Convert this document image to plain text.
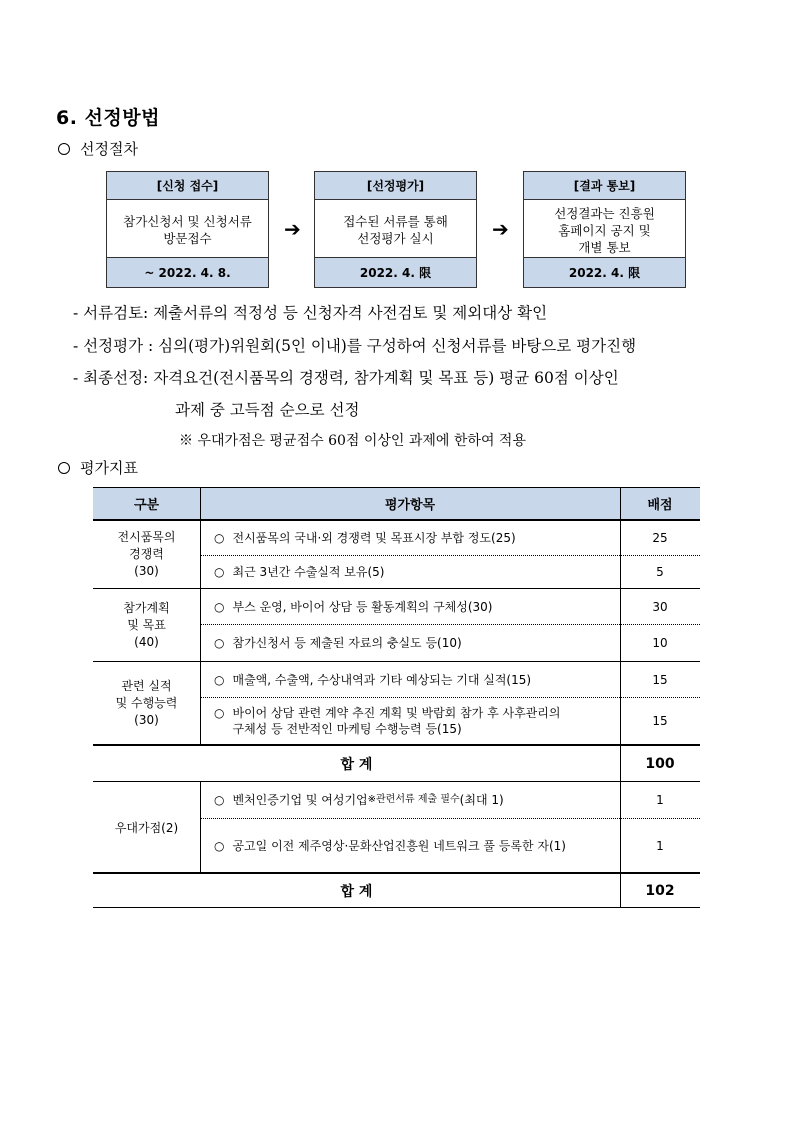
6. 선정방법
선정절차
[신청 접수]
참가신청서 및 신청서류
방문접수
~ 2022. 4. 8.
➔
[선정평가]
접수된 서류를 통해
선정평가 실시
2022. 4. 限
➔
[결과 통보]
선정결과는 진흥원
홈페이지 공지 및
개별 통보
2022. 4. 限
- 서류검토: 제출서류의 적정성 등 신청자격 사전검토 및 제외대상 확인
- 선정평가 : 심의(평가)위원회(5인 이내)를 구성하여 신청서류를 바탕으로 평가진행
- 최종선정: 자격요건(전시품목의 경쟁력, 참가계획 및 목표 등) 평균 60점 이상인
과제 중 고득점 순으로 선정
※ 우대가점은 평균점수 60점 이상인 과제에 한하여 적용
평가지표
구분	평가항목	배점
전시품목의
경쟁력
(30)
○ 전시품목의 국내·외 경쟁력 및 목표시장 부합 정도(25)	25
○ 최근 3년간 수출실적 보유(5)	5
참가계획
및 목표
(40)
○ 부스 운영, 바이어 상담 등 활동계획의 구체성(30)	30
○ 참가신청서 등 제출된 자료의 충실도 등(10)	10
관련 실적
및 수행능력
(30)
○ 매출액, 수출액, 수상내역과 기타 예상되는 기대 실적(15)	15
○ 바이어 상담 관련 계약 추진 계획 및 박람회 참가 후 사후관리의
구체성 등 전반적인 마케팅 수행능력 등(15)
15
합 계	100
우대가점(2)
○ 벤처인증기업 및 여성기업 ※관련서류 제출 필수 (최대 1)	1
○ 공고일 이전 제주영상·문화산업진흥원 네트워크 풀 등록한 자(1)	1
합 계	102
